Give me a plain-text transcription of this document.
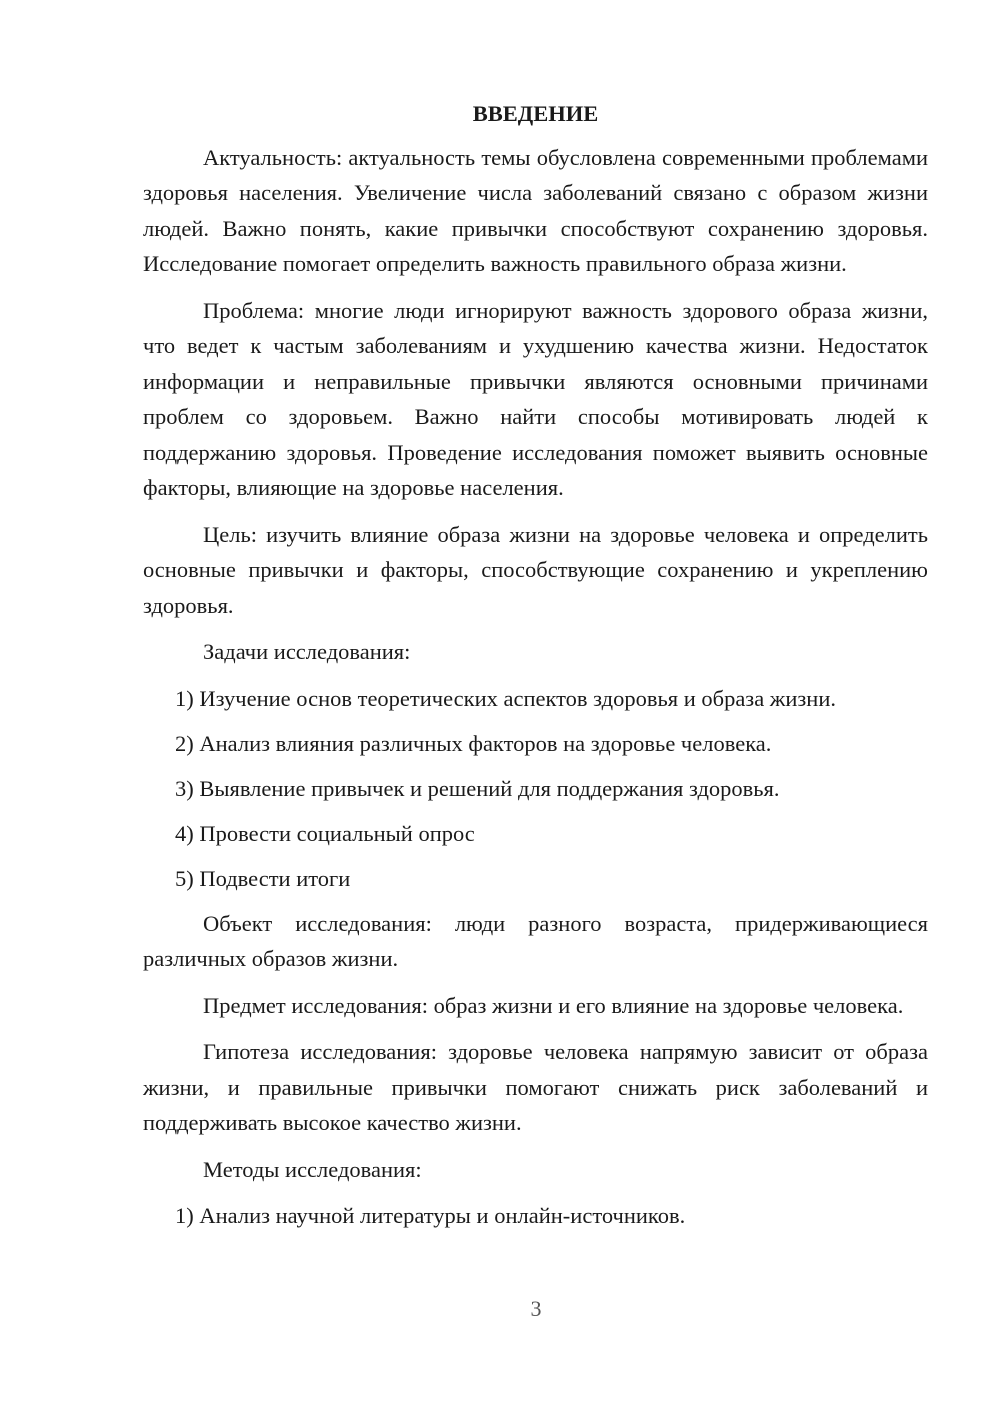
ВВЕДЕНИЕ

Актуальность: актуальность темы обусловлена современными проблемами здоровья населения. Увеличение числа заболеваний связано с образом жизни людей. Важно понять, какие привычки способствуют сохранению здоровья. Исследование помогает определить важность правильного образа жизни.

Проблема: многие люди игнорируют важность здорового образа жизни, что ведет к частым заболеваниям и ухудшению качества жизни. Недостаток информации и неправильные привычки являются основными причинами проблем со здоровьем. Важно найти способы мотивировать людей к поддержанию здоровья. Проведение исследования поможет выявить основные факторы, влияющие на здоровье населения.

Цель: изучить влияние образа жизни на здоровье человека и определить основные привычки и факторы, способствующие сохранению и укреплению здоровья.

Задачи исследования:
1) Изучение основ теоретических аспектов здоровья и образа жизни.
2) Анализ влияния различных факторов на здоровье человека.
3) Выявление привычек и решений для поддержания здоровья.
4) Провести социальный опрос
5) Подвести итоги

Объект исследования: люди разного возраста, придерживающиеся различных образов жизни.

Предмет исследования: образ жизни и его влияние на здоровье человека.

Гипотеза исследования: здоровье человека напрямую зависит от образа жизни, и правильные привычки помогают снижать риск заболеваний и поддерживать высокое качество жизни.

Методы исследования:
1) Анализ научной литературы и онлайн-источников.
3
